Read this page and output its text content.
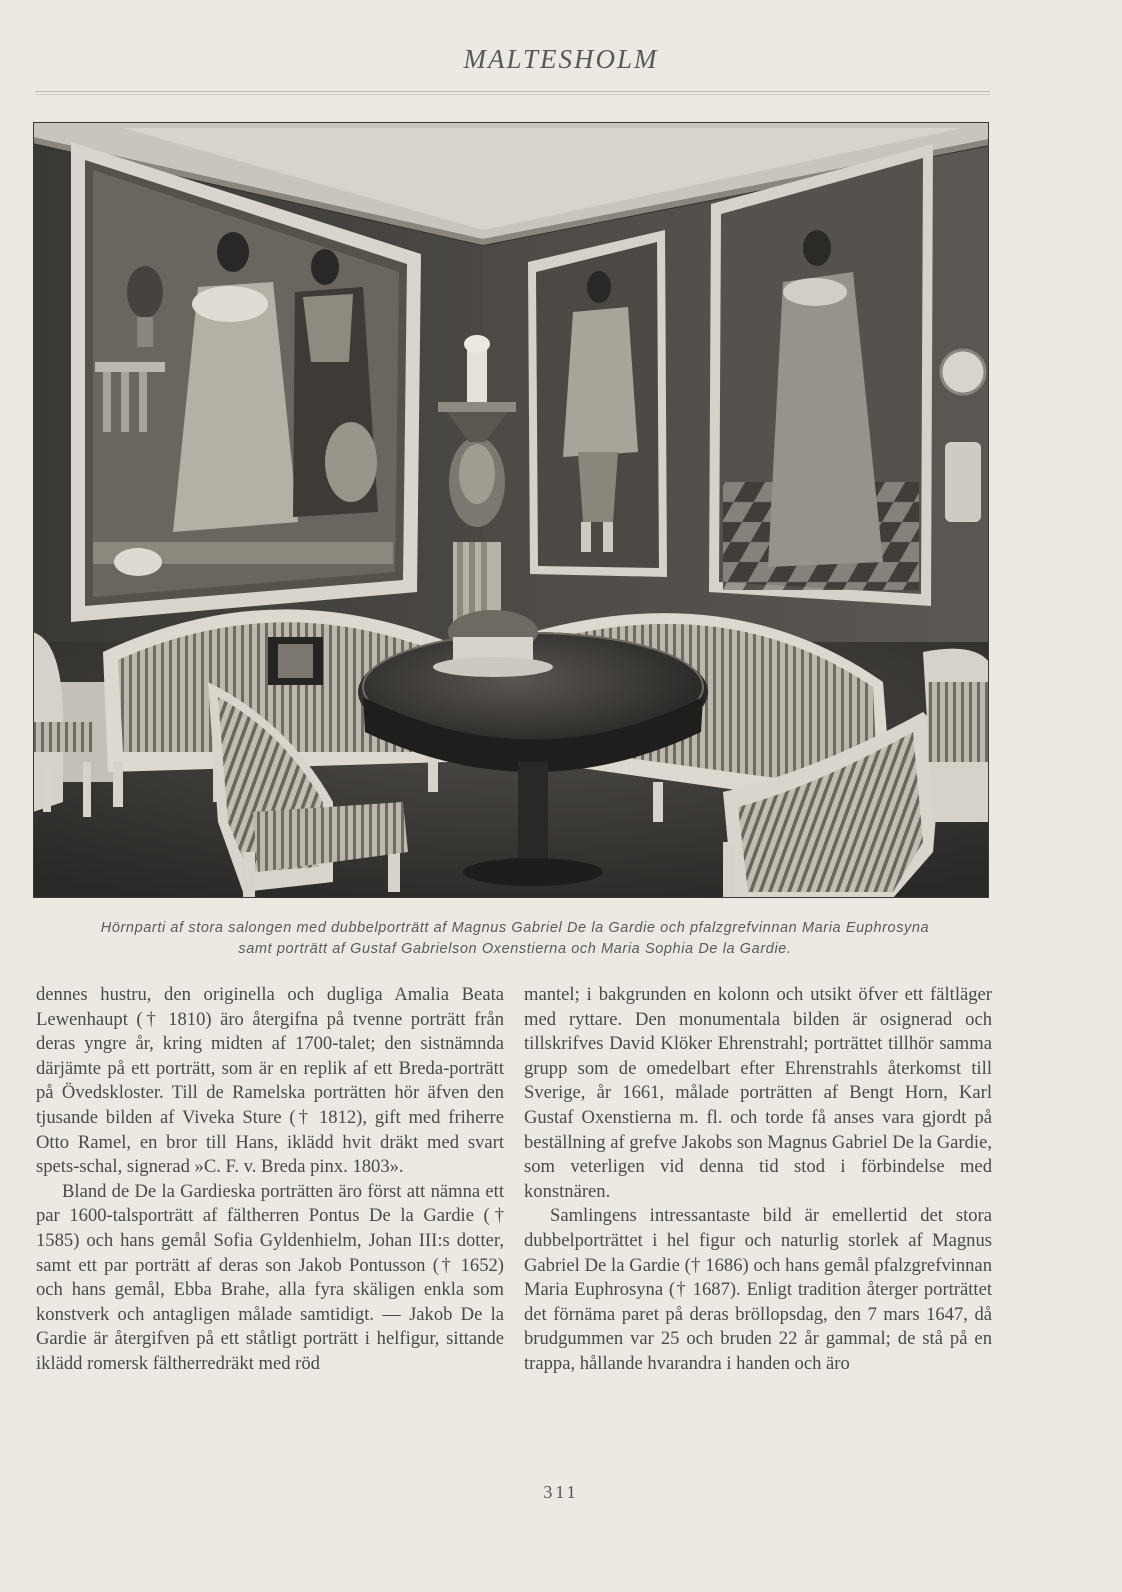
MALTESHOLM
Hörnparti af stora salongen med dubbelporträtt af Magnus Gabriel De la Gardie och pfalzgrefvinnan Maria Euphrosyna
samt porträtt af Gustaf Gabrielson Oxenstierna och Maria Sophia De la Gardie.

dennes hustru, den originella och dugliga Amalia Beata Lewenhaupt († 1810) äro återgifna på tvenne porträtt från deras yngre år, kring midten af 1700-talet; den sistnämnda därjämte på ett porträtt, som är en replik af ett Breda-porträtt på Övedskloster. Till de Ramelska porträtten hör äfven den tjusande bilden af Viveka Sture († 1812), gift med friherre Otto Ramel, en bror till Hans, iklädd hvit dräkt med svart spets-schal, signerad »C. F. v. Breda pinx. 1803».

Bland de De la Gardieska porträtten äro först att nämna ett par 1600-talsporträtt af fältherren Pontus De la Gardie († 1585) och hans gemål Sofia Gyldenhielm, Johan III:s dotter, samt ett par porträtt af deras son Jakob Pontusson († 1652) och hans gemål, Ebba Brahe, alla fyra skäligen enkla som konstverk och antagligen målade samtidigt. — Jakob De la Gardie är återgifven på ett ståtligt porträtt i helfigur, sittande iklädd romersk fältherredräkt med röd

mantel; i bakgrunden en kolonn och utsikt öfver ett fältläger med ryttare. Den monumentala bilden är osignerad och tillskrifves David Klöker Ehrenstrahl; porträttet tillhör samma grupp som de omedelbart efter Ehrenstrahls återkomst till Sverige, år 1661, målade porträtten af Bengt Horn, Karl Gustaf Oxenstierna m. fl. och torde få anses vara gjordt på beställning af grefve Jakobs son Magnus Gabriel De la Gardie, som veterligen vid denna tid stod i förbindelse med konstnären.

Samlingens intressantaste bild är emellertid det stora dubbelporträttet i hel figur och naturlig storlek af Magnus Gabriel De la Gardie († 1686) och hans gemål pfalzgrefvinnan Maria Euphrosyna († 1687). Enligt tradition återger porträttet det förnäma paret på deras bröllopsdag, den 7 mars 1647, då brudgummen var 25 och bruden 22 år gammal; de stå på en trappa, hållande hvarandra i handen och äro

311
